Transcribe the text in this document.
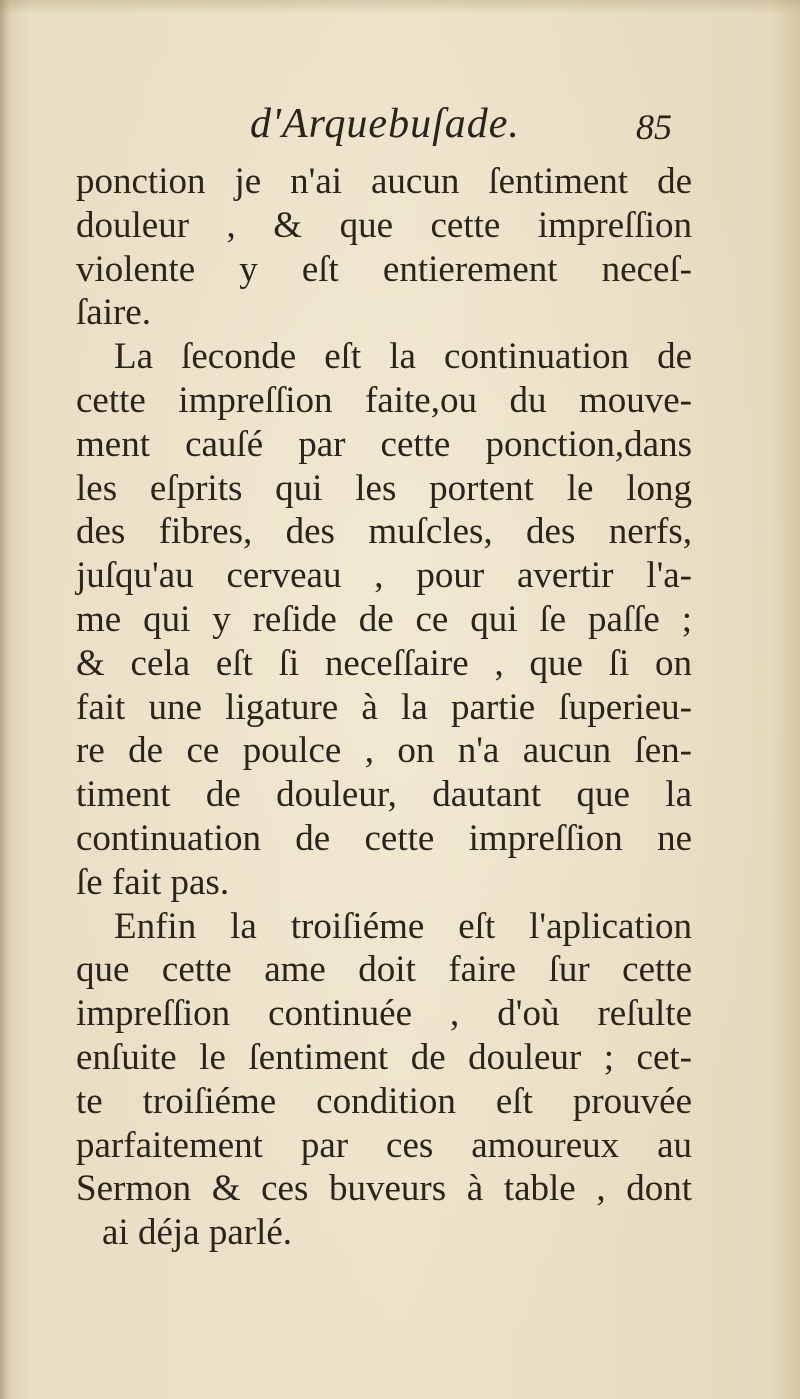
d'Arquebuſade.	85
ponction je n'ai aucun ſentiment de
douleur , & que cette impreſſion
violente y eſt entierement neceſ-
ſaire.
La ſeconde eſt la continuation de
cette impreſſion faite,ou du mouve-
ment cauſé par cette ponction,dans
les eſprits qui les portent le long
des fibres, des muſcles, des nerfs,
juſqu'au cerveau , pour avertir l'a-
me qui y reſide de ce qui ſe paſſe ;
& cela eſt ſi neceſſaire , que ſi on
fait une ligature à la partie ſuperieu-
re de ce poulce , on n'a aucun ſen-
timent de douleur, dautant que la
continuation de cette impreſſion ne
ſe fait pas.
Enfin la troiſiéme eſt l'aplication
que cette ame doit faire ſur cette
impreſſion continuée , d'où reſulte
enſuite le ſentiment de douleur ; cet-
te troiſiéme condition eſt prouvée
parfaitement par ces amoureux au
Sermon & ces buveurs à table , dont
ai déja parlé.
